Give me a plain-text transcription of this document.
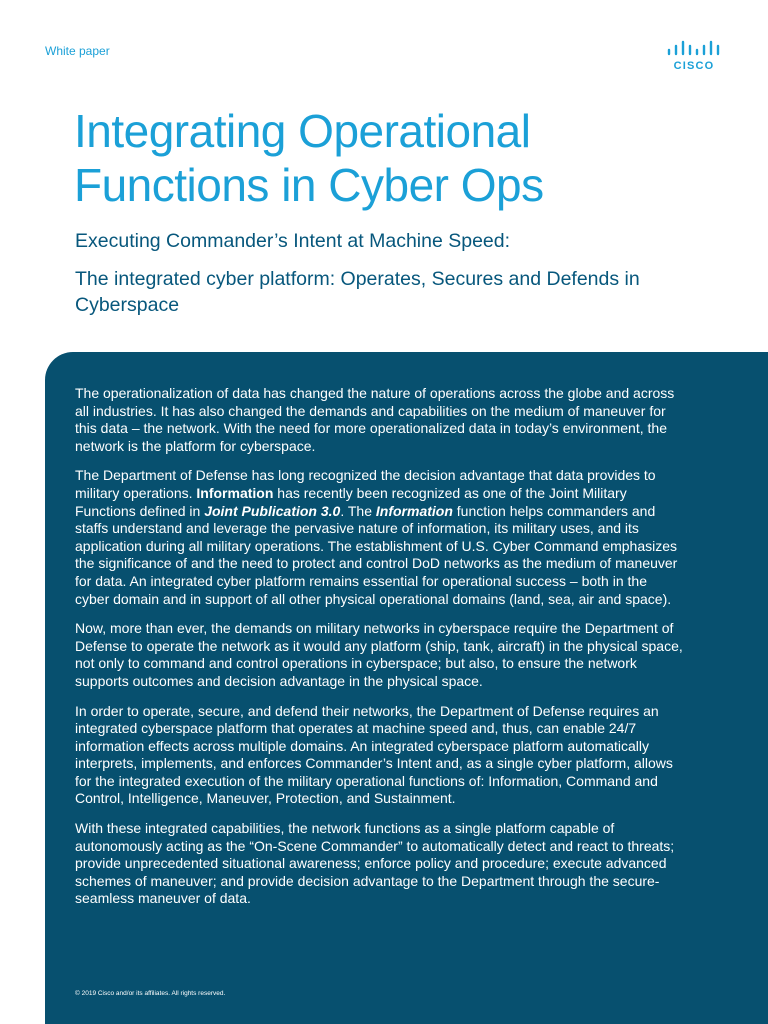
White paper

CISCO
Integrating Operational Functions in Cyber Ops
Executing Commander’s Intent at Machine Speed:
The integrated cyber platform: Operates, Secures and Defends in Cyberspace

The operationalization of data has changed the nature of operations across the globe and across all industries. It has also changed the demands and capabilities on the medium of maneuver for this data – the network. With the need for more operationalized data in today’s environment, the network is the platform for cyberspace.

The Department of Defense has long recognized the decision advantage that data provides to military operations. Information has recently been recognized as one of the Joint Military Functions defined in Joint Publication 3.0. The Information function helps commanders and staffs understand and leverage the pervasive nature of information, its military uses, and its application during all military operations. The establishment of U.S. Cyber Command emphasizes the significance of and the need to protect and control DoD networks as the medium of maneuver for data. An integrated cyber platform remains essential for operational success – both in the cyber domain and in support of all other physical operational domains (land, sea, air and space).

Now, more than ever, the demands on military networks in cyberspace require the Department of Defense to operate the network as it would any platform (ship, tank, aircraft) in the physical space, not only to command and control operations in cyberspace; but also, to ensure the network supports outcomes and decision advantage in the physical space.

In order to operate, secure, and defend their networks, the Department of Defense requires an integrated cyberspace platform that operates at machine speed and, thus, can enable 24/7 information effects across multiple domains. An integrated cyberspace platform automatically interprets, implements, and enforces Commander’s Intent and, as a single cyber platform, allows for the integrated execution of the military operational functions of: Information, Command and Control, Intelligence, Maneuver, Protection, and Sustainment.

With these integrated capabilities, the network functions as a single platform capable of autonomously acting as the “On-Scene Commander” to automatically detect and react to threats; provide unprecedented situational awareness; enforce policy and procedure; execute advanced schemes of maneuver; and provide decision advantage to the Department through the secure-seamless maneuver of data.

© 2019 Cisco and/or its affiliates. All rights reserved.
